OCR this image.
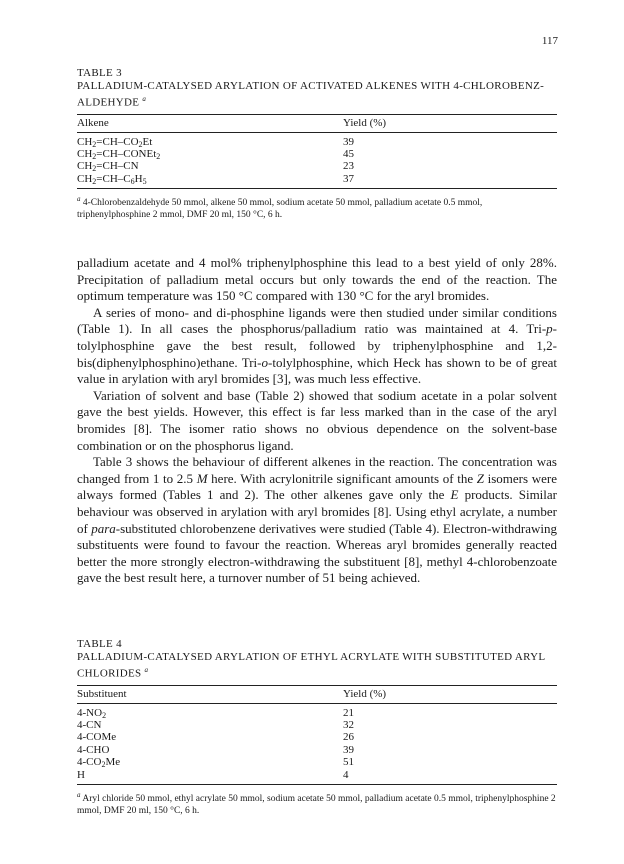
117
TABLE 3
PALLADIUM-CATALYSED ARYLATION OF ACTIVATED ALKENES WITH 4-CHLOROBENZ-ALDEHYDE $^a$
Alkene	Yield (%)
$CH_2=CH-CO_2Et$	39
$CH_2=CH-CONEt_2$	45
$CH_2=CH-CN$	23
$CH_2=CH-C_6H_5$	37
$^a$ 4-Chlorobenzaldehyde 50 mmol, alkene 50 mmol, sodium acetate 50 mmol, palladium acetate 0.5 mmol, triphenylphosphine 2 mmol, DMF 20 ml, 150 °C, 6 h.

palladium acetate and 4 mol% triphenylphosphine this lead to a best yield of only 28%. Precipitation of palladium metal occurs but only towards the end of the reaction. The optimum temperature was 150 °C compared with 130 °C for the aryl bromides.

A series of mono- and di-phosphine ligands were then studied under similar conditions (Table 1). In all cases the phosphorus/palladium ratio was maintained at 4. Tri-p-tolylphosphine gave the best result, followed by triphenylphosphine and 1,2-bis(diphenylphosphino)ethane. Tri-o-tolylphosphine, which Heck has shown to be of great value in arylation with aryl bromides [3], was much less effective.

Variation of solvent and base (Table 2) showed that sodium acetate in a polar solvent gave the best yields. However, this effect is far less marked than in the case of the aryl bromides [8]. The isomer ratio shows no obvious dependence on the solvent-base combination or on the phosphorus ligand.

Table 3 shows the behaviour of different alkenes in the reaction. The concentration was changed from 1 to 2.5 M here. With acrylonitrile significant amounts of the Z isomers were always formed (Tables 1 and 2). The other alkenes gave only the E products. Similar behaviour was observed in arylation with aryl bromides [8]. Using ethyl acrylate, a number of para-substituted chlorobenzene derivatives were studied (Table 4). Electron-withdrawing substituents were found to favour the reaction. Whereas aryl bromides generally reacted better the more strongly electron-withdrawing the substituent [8], methyl 4-chlorobenzoate gave the best result here, a turnover number of 51 being achieved.

TABLE 4
PALLADIUM-CATALYSED ARYLATION OF ETHYL ACRYLATE WITH SUBSTITUTED ARYL CHLORIDES $^a$
Substituent	Yield (%)
$4-NO_2$	21
4-CN	32
4-COMe	26
4-CHO	39
$4-CO_2Me$	51
H	4
$^a$ Aryl chloride 50 mmol, ethyl acrylate 50 mmol, sodium acetate 50 mmol, palladium acetate 0.5 mmol, triphenylphosphine 2 mmol, DMF 20 ml, 150 °C, 6 h.
